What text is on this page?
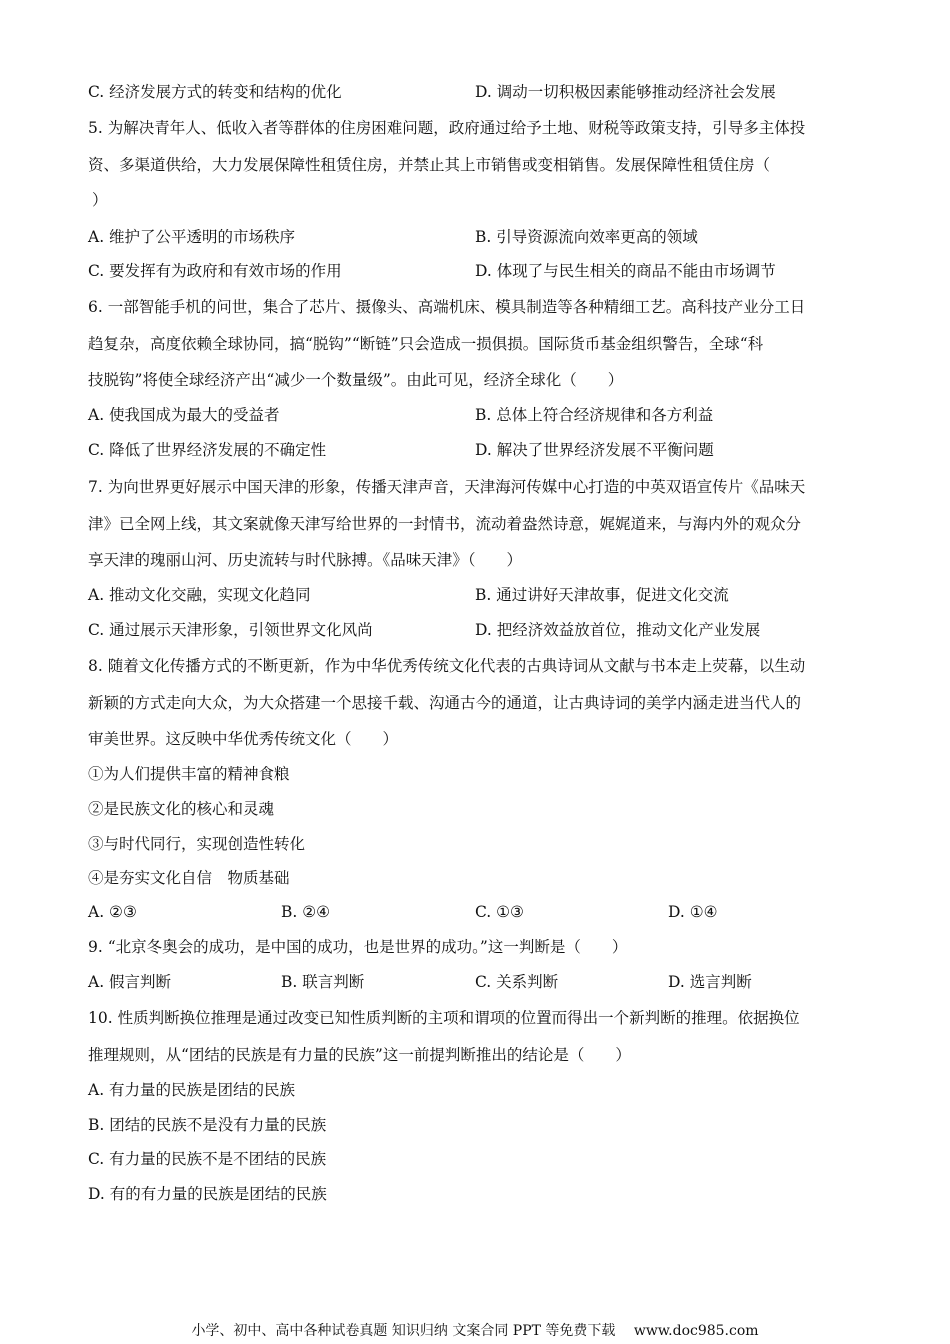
C. 经济发展方式的转变和结构的优化	D. 调动一切积极因素能够推动经济社会发展
5. 为解决青年人、低收入者等群体的住房困难问题，政府通过给予土地、财税等政策支持，引导多主体投
资、多渠道供给，大力发展保障性租赁住房，并禁止其上市销售或变相销售。发展保障性租赁住房（
）
A. 维护了公平透明的市场秩序	B. 引导资源流向效率更高的领域
C. 要发挥有为政府和有效市场的作用	D. 体现了与民生相关的商品不能由市场调节
6. 一部智能手机的问世，集合了芯片、摄像头、高端机床、模具制造等各种精细工艺。高科技产业分工日
趋复杂，高度依赖全球协同，搞“脱钩”“断链”只会造成一损俱损。国际货币基金组织警告，全球“科
技脱钩”将使全球经济产出“减少一个数量级”。由此可见，经济全球化（　　）
A. 使我国成为最大的受益者	B. 总体上符合经济规律和各方利益
C. 降低了世界经济发展的不确定性	D. 解决了世界经济发展不平衡问题
7. 为向世界更好展示中国天津的形象，传播天津声音，天津海河传媒中心打造的中英双语宣传片《品味天
津》已全网上线，其文案就像天津写给世界的一封情书，流动着盎然诗意，娓娓道来，与海内外的观众分
享天津的瑰丽山河、历史流转与时代脉搏。《品味天津》（　　）
A. 推动文化交融，实现文化趋同	B. 通过讲好天津故事，促进文化交流
C. 通过展示天津形象，引领世界文化风尚	D. 把经济效益放首位，推动文化产业发展
8. 随着文化传播方式的不断更新，作为中华优秀传统文化代表的古典诗词从文献与书本走上荧幕，以生动
新颖的方式走向大众，为大众搭建一个思接千载、沟通古今的通道，让古典诗词的美学内涵走进当代人的
审美世界。这反映中华优秀传统文化（　　）
①为人们提供丰富的精神食粮
②是民族文化的核心和灵魂
③与时代同行，实现创造性转化
④是夯实文化自信　物质基础
A. ②③	B. ②④	C. ①③	D. ①④
9. “北京冬奥会的成功，是中国的成功，也是世界的成功。”这一判断是（　　）
A. 假言判断	B. 联言判断	C. 关系判断	D. 选言判断
10. 性质判断换位推理是通过改变已知性质判断的主项和谓项的位置而得出一个新判断的推理。依据换位
推理规则，从“团结的民族是有力量的民族”这一前提判断推出的结论是（　　）
A. 有力量的民族是团结的民族
B. 团结的民族不是没有力量的民族
C. 有力量的民族不是不团结的民族
D. 有的有力量的民族是团结的民族
小学、初中、高中各种试卷真题 知识归纳 文案合同 PPT 等免费下载　 www.doc985.com
